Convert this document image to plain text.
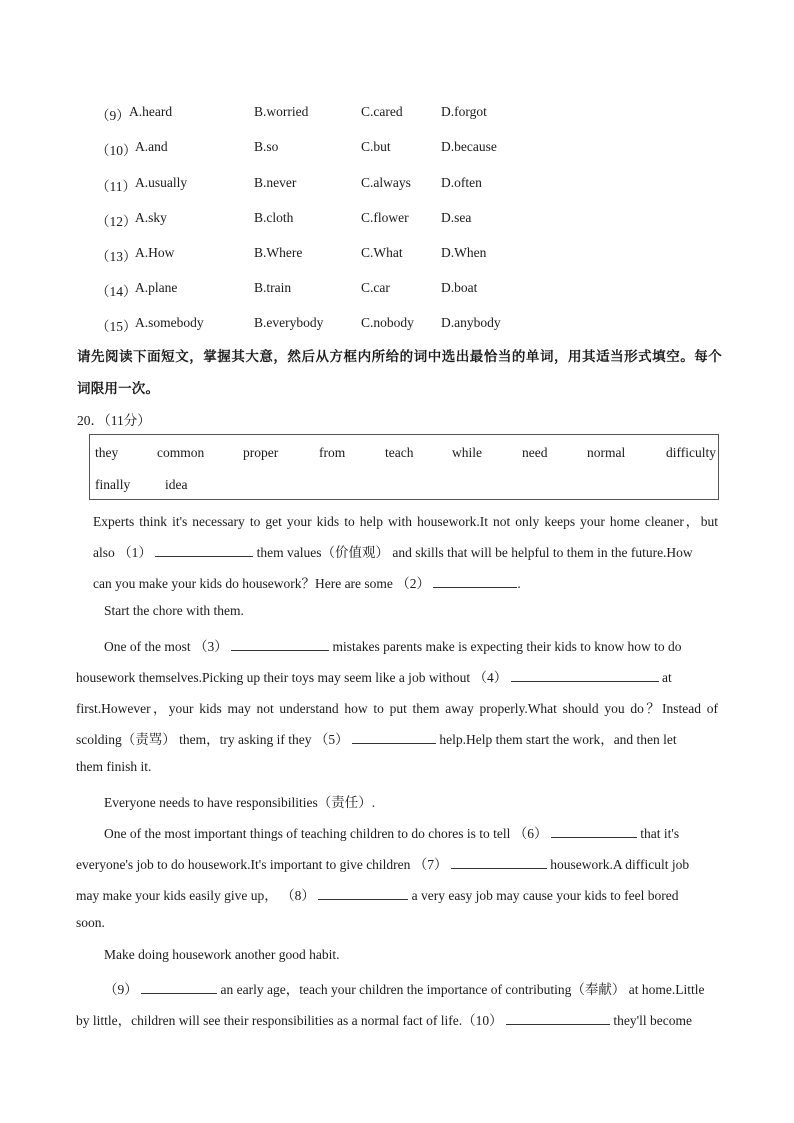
（9） A.heard	B.worried	C.cared	D.forgot
（10）
A.and	B.so	C.but	D.because
（11） A.usually	B.never	C.always D.often
（12）
A.sky	B.cloth	C.flower D.sea
（13）
A.How	B.Where	C.What	D.When
（14）
A.plane	B.train	C.car	D.boat
（15）
A.somebody	B.everybody	C.nobody D.anybody
请先阅读下面短文，掌握其大意，然后从方框内所给的词中选出最恰当的单词，用其适当形式填空。每个
词限用一次。
20．（11分）
they	common	proper	from	teach	while	need	normal	difficulty
finally	idea
Experts think it's necessary to get your kids to help with housework.It not only keeps your home cleaner，but
also （1）	them values（价值观） and skills that will be helpful to them in the future.How
can you make your kids do housework？Here are some （2）	.
Start the chore with them.
One of the most （3）	mistakes parents make is expecting their kids to know how to do
housework themselves.Picking up their toys may seem like a job without （4）	at
first.However，your kids may not understand how to put them away properly.What should you do？Instead of
scolding（责骂） them，try asking if they （5）	help.Help them start the work，and then let
them finish it.
Everyone needs to have responsibilities（责任）.
One of the most important things of teaching children to do chores is to tell （6）	that it's
everyone's job to do housework.It's important to give children （7）	housework.A difficult job
may make your kids easily give up， （8）	a very easy job may cause your kids to feel bored
soon.
Make doing housework another good habit.
（9）	an early age，teach your children the importance of contributing（奉献） at home.Little
by little，children will see their responsibilities as a normal fact of life.（10）	they'll become
